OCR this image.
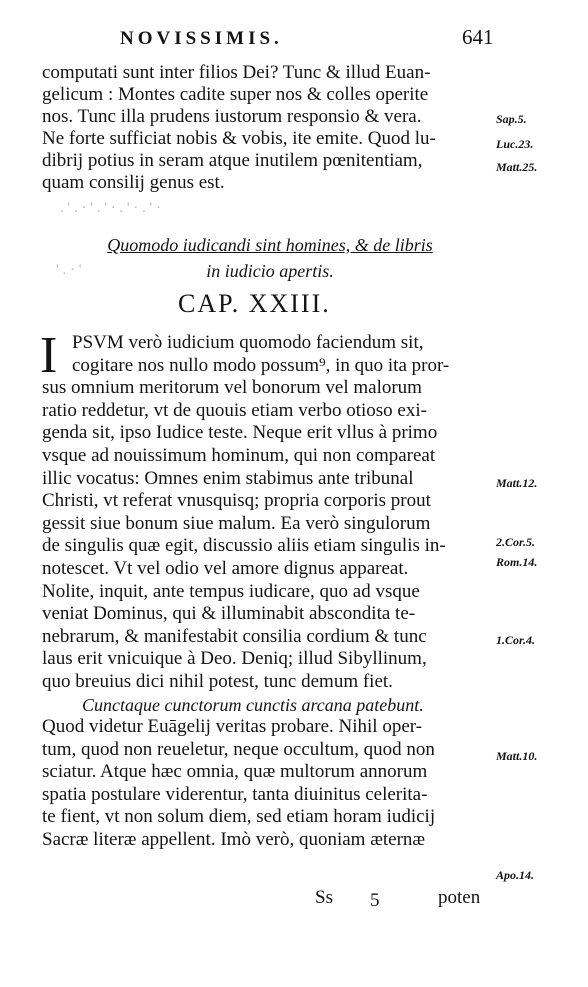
NOVISSIMIS.	641
computati sunt inter filios Dei? Tunc & illud Euan-
gelicum : Montes cadite super nos & colles operite
nos. Tunc illa prudens iustorum responsio & vera.
Ne forte sufficiat nobis & vobis, ite emite. Quod lu-
dibrij potius in seram atque inutilem pœnitentiam,
quam consilij genus est.
Sap.5.
Luc.23.
Matt.25.
. ' . · ' . ' · . ' · . ' ·
' . · '
Quomodo iudicandi sint homines, & de libris
in iudicio apertis.
CAP. XXIII.
I PSVM verò iudicium quomodo faciendum sit,
cogitare nos nullo modo possum⁹, in quo ita pror-
sus omnium meritorum vel bonorum vel malorum
ratio reddetur, vt de quouis etiam verbo otioso exi-
genda sit, ipso Iudice teste. Neque erit vllus à primo
vsque ad nouissimum hominum, qui non compareat
illic vocatus: Omnes enim stabimus ante tribunal
Christi, vt referat vnusquisq; propria corporis prout
gessit siue bonum siue malum. Ea verò singulorum
de singulis quæ egit, discussio aliis etiam singulis in-
notescet. Vt vel odio vel amore dignus appareat.
Nolite, inquit, ante tempus iudicare, quo ad vsque
veniat Dominus, qui & illuminabit abscondita te-
nebrarum, & manifestabit consilia cordium & tunc
laus erit vnicuique à Deo. Deniq; illud Sibyllinum,
quo breuius dici nihil potest, tunc demum fiet.
Cunctaque cunctorum cunctis arcana patebunt.
Quod videtur Euāgelij veritas probare. Nihil oper-
tum, quod non reueletur, neque occultum, quod non
sciatur. Atque hæc omnia, quæ multorum annorum
spatia postulare viderentur, tanta diuinitus celerita-
te fient, vt non solum diem, sed etiam horam iudicij
Sacræ literæ appellent. Imò verò, quoniam æternæ
Matt.12.
2.Cor.5.
Rom.14.
1.Cor.4.
Matt.10.
Apo.14.
Ss 5	poten
